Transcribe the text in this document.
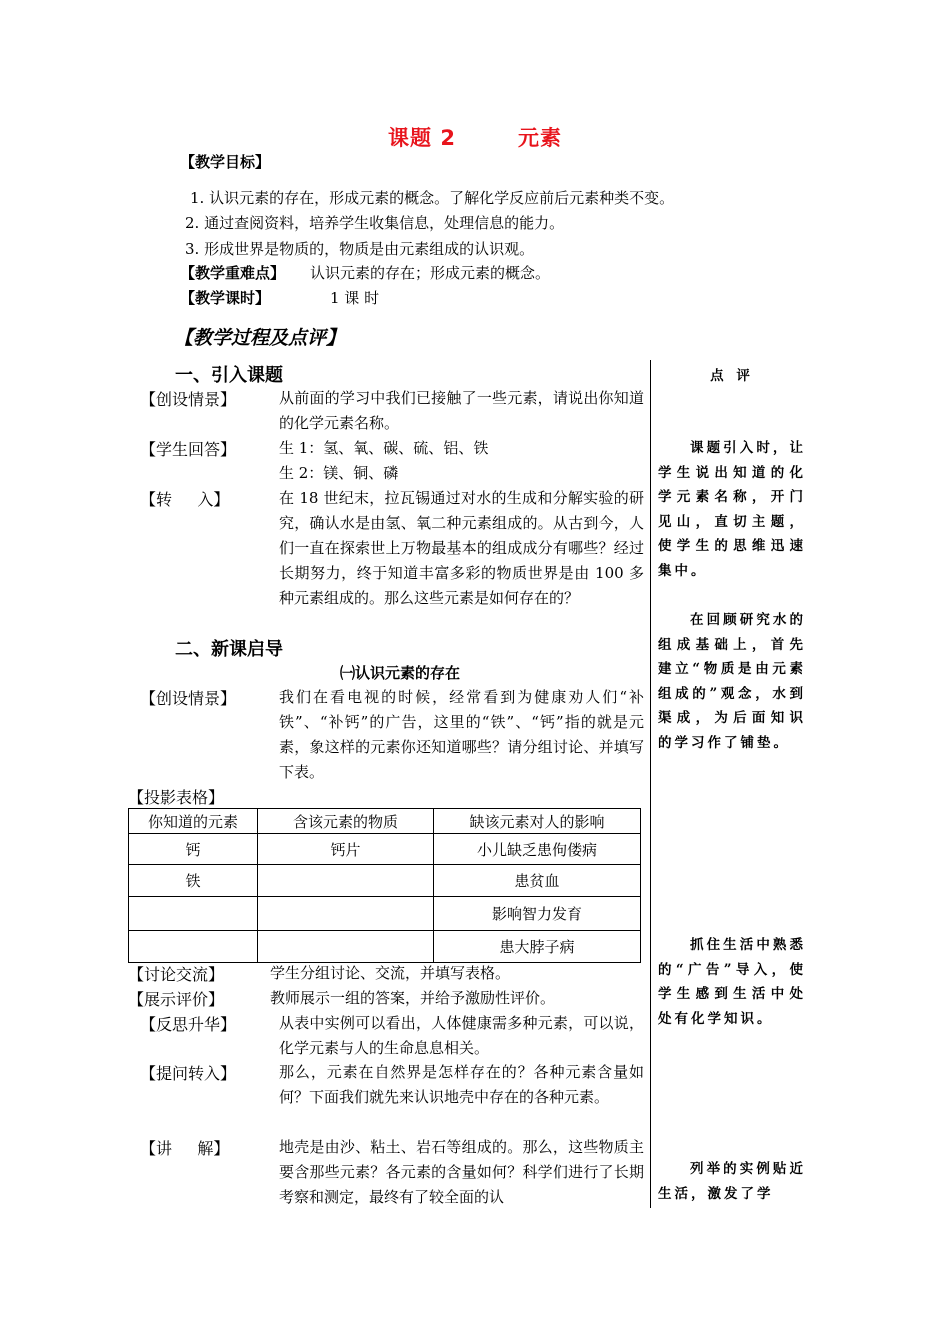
课题 2	元素
【教学目标】
1. 认识元素的存在，形成元素的概念。了解化学反应前后元素种类不变。
2. 通过查阅资料，培养学生收集信息，处理信息的能力。
3. 形成世界是物质的，物质是由元素组成的认识观。
【教学重难点】 认识元素的存在；形成元素的概念。
【教学课时】	1 课 时
【教学过程及点评】
点 评
一、引入课题
【创设情景】	从前面的学习中我们已接触了一些元素，请说出你知道的化学元素名称。
【学生回答】	生 1：氢、氧、碳、硫、铝、铁
生 2：镁、铜、磷
【转     入】	在 18 世纪末，拉瓦锡通过对水的生成和分解实验的研究，确认水是由氢、氧二种元素组成的。从古到今，人们一直在探索世上万物最基本的组成成分有哪些？经过长期努力，终于知道丰富多彩的物质世界是由 100 多种元素组成的。那么这些元素是如何存在的？
二、新课启导
㈠认识元素的存在
【创设情景】	我们在看电视的时候，经常看到为健康劝人们“补铁”、“补钙”的广告，这里的“铁”、“钙”指的就是元素，象这样的元素你还知道哪些？请分组讨论、并填写下表。
【投影表格】
你知道的元素	含该元素的物质	缺该元素对人的影响
钙	钙片	小儿缺乏患佝偻病
铁		患贫血
		影响智力发育
		患大脖子病
【讨论交流】	学生分组讨论、交流，并填写表格。
【展示评价】	教师展示一组的答案，并给予激励性评价。
【反思升华】	从表中实例可以看出，人体健康需多种元素，可以说，化学元素与人的生命息息相关。
【提问转入】	那么，元素在自然界是怎样存在的？各种元素含量如何？下面我们就先来认识地壳中存在的各种元素。
【讲     解】	地壳是由沙、粘土、岩石等组成的。那么，这些物质主要含那些元素？各元素的含量如何？科学们进行了长期考察和测定，最终有了较全面的认
课题引入时，让学生说出知道的化学元素名称，开门见山，直切主题，使学生的思维迅速集中。
在回顾研究水的组成基础上，首先建立“物质是由元素组成的”观念，水到渠成，为后面知识的学习作了铺垫。
抓住生活中熟悉的“广告”导入，使学生感到生活中处处有化学知识。
列举的实例贴近生活，激发了学
